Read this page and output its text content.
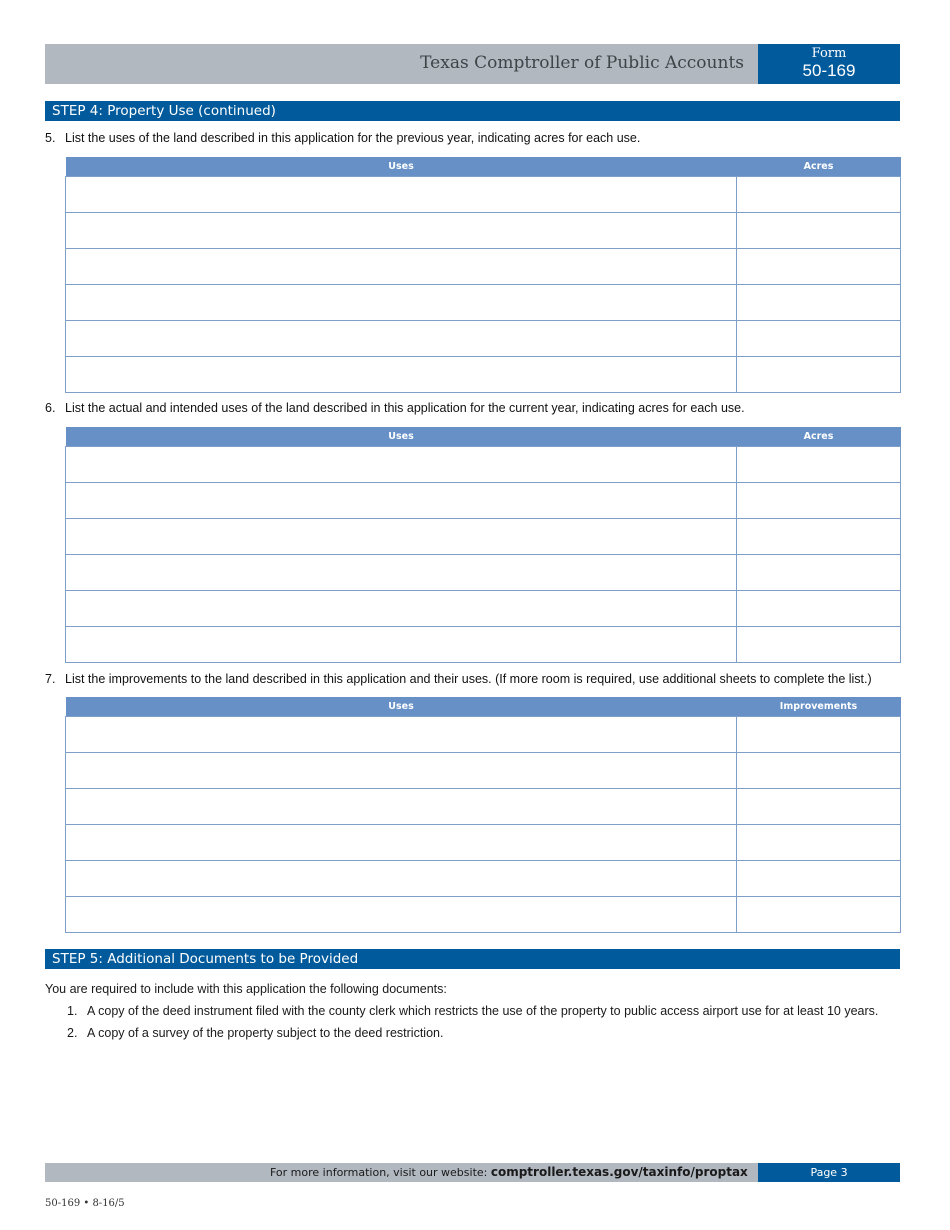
Texas Comptroller of Public Accounts	Form
50-169
STEP 4: Property Use (continued)
5. List the uses of the land described in this application for the previous year, indicating acres for each use.
Uses	Acres

6. List the actual and intended uses of the land described in this application for the current year, indicating acres for each use.
Uses	Acres

7. List the improvements to the land described in this application and their uses. (If more room is required, use additional sheets to complete the list.)
Uses	Improvements

STEP 5: Additional Documents to be Provided
You are required to include with this application the following documents:
1. A copy of the deed instrument filed with the county clerk which restricts the use of the property to public access airport use for at least 10 years.
2. A copy of a survey of the property subject to the deed restriction.
For more information, visit our website: comptroller.texas.gov/taxinfo/proptax	Page 3
50-169 • 8-16/5
